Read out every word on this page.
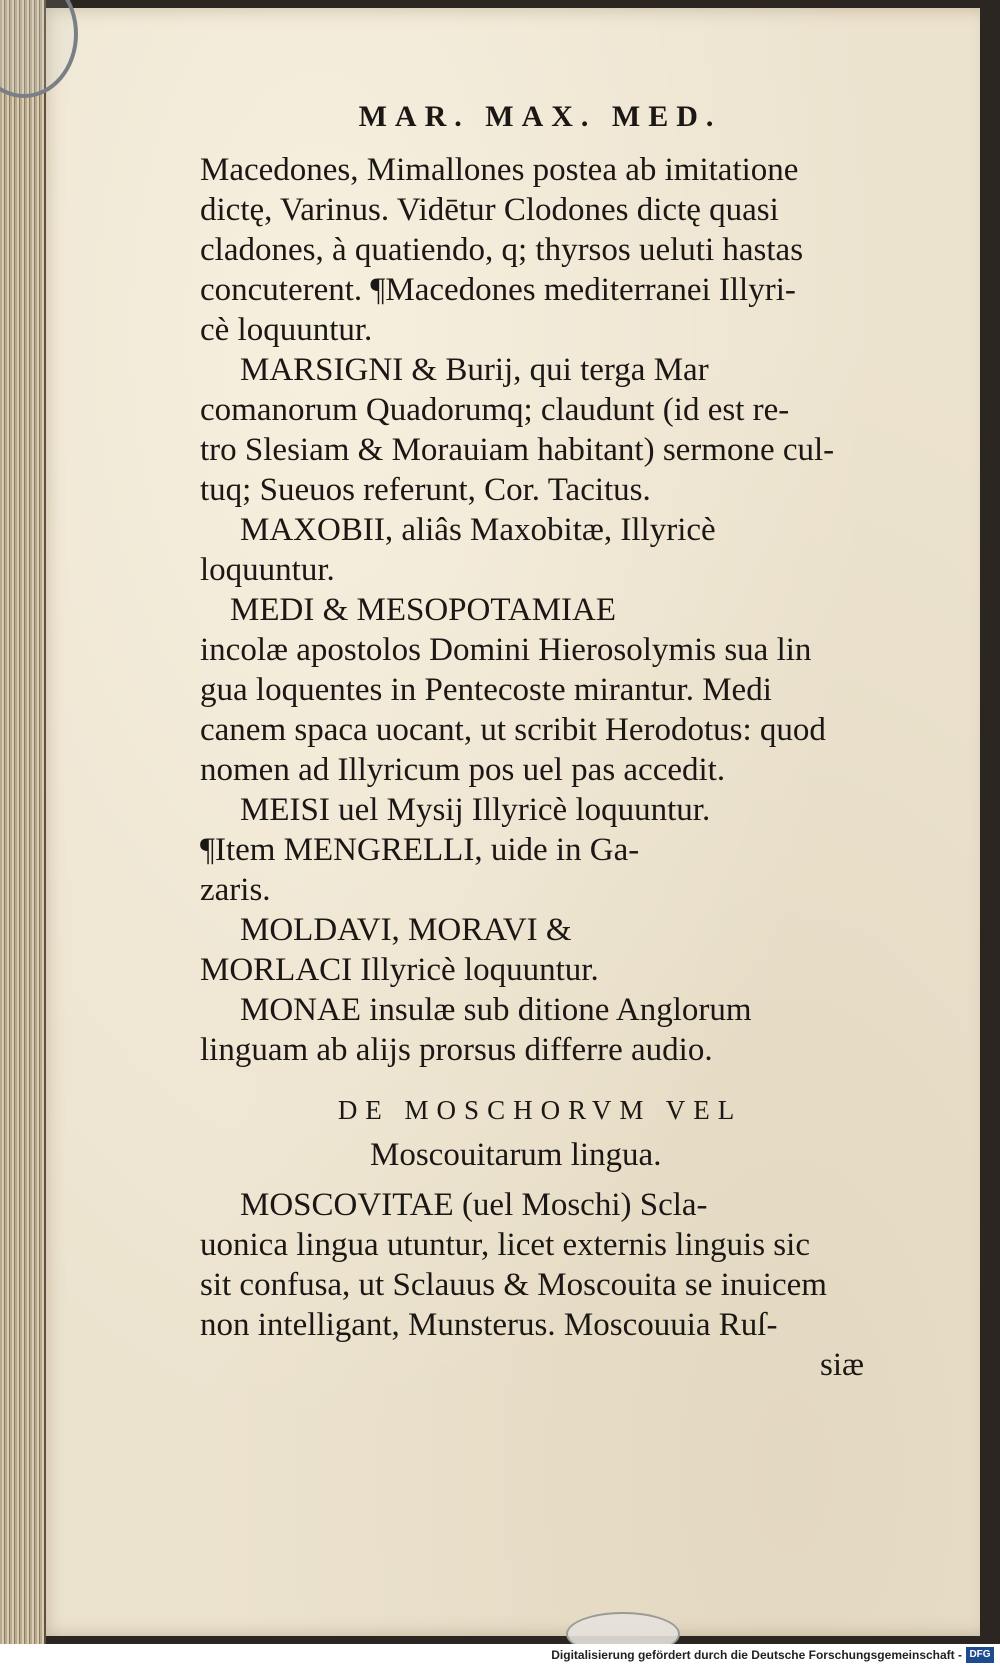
MAR. MAX. MED.
Macedones, Mimallones postea ab imitatione
dictę, Varinus. Vidētur Clodones dictę quasi
cladones, à quatiendo, q; thyrsos ueluti hastas
concuterent. ¶Macedones mediterranei Illyri-
cè loquuntur.
MARSIGNI & Burij, qui terga Mar
comanorum Quadorumq; claudunt (id est re-
tro Slesiam & Morauiam habitant) sermone cul-
tuq; Sueuos referunt, Cor. Tacitus.
MAXOBII, aliâs Maxobitæ, Illyricè
loquuntur.
MEDI & MESOPOTAMIAE
incolæ apostolos Domini Hierosolymis sua lin
gua loquentes in Pentecoste mirantur. Medi
canem spaca uocant, ut scribit Herodotus: quod
nomen ad Illyricum pos uel pas accedit.
MEISI uel Mysij Illyricè loquuntur.
¶Item MENGRELLI, uide in Ga-
zaris.
MOLDAVI, MORAVI &
MORLACI Illyricè loquuntur.
MONAE insulæ sub ditione Anglorum
linguam ab alijs prorsus differre audio.
DE MOSCHORVM VEL
Moscouitarum lingua.
MOSCOVITAE (uel Moschi) Scla-
uonica lingua utuntur, licet externis linguis sic
sit confusa, ut Sclauus & Moscouita se inuicem
non intelligant, Munsterus. Moscouuia Ruſ-
siæ
Digitalisierung gefördert durch die Deutsche Forschungsgemeinschaft - DFG
